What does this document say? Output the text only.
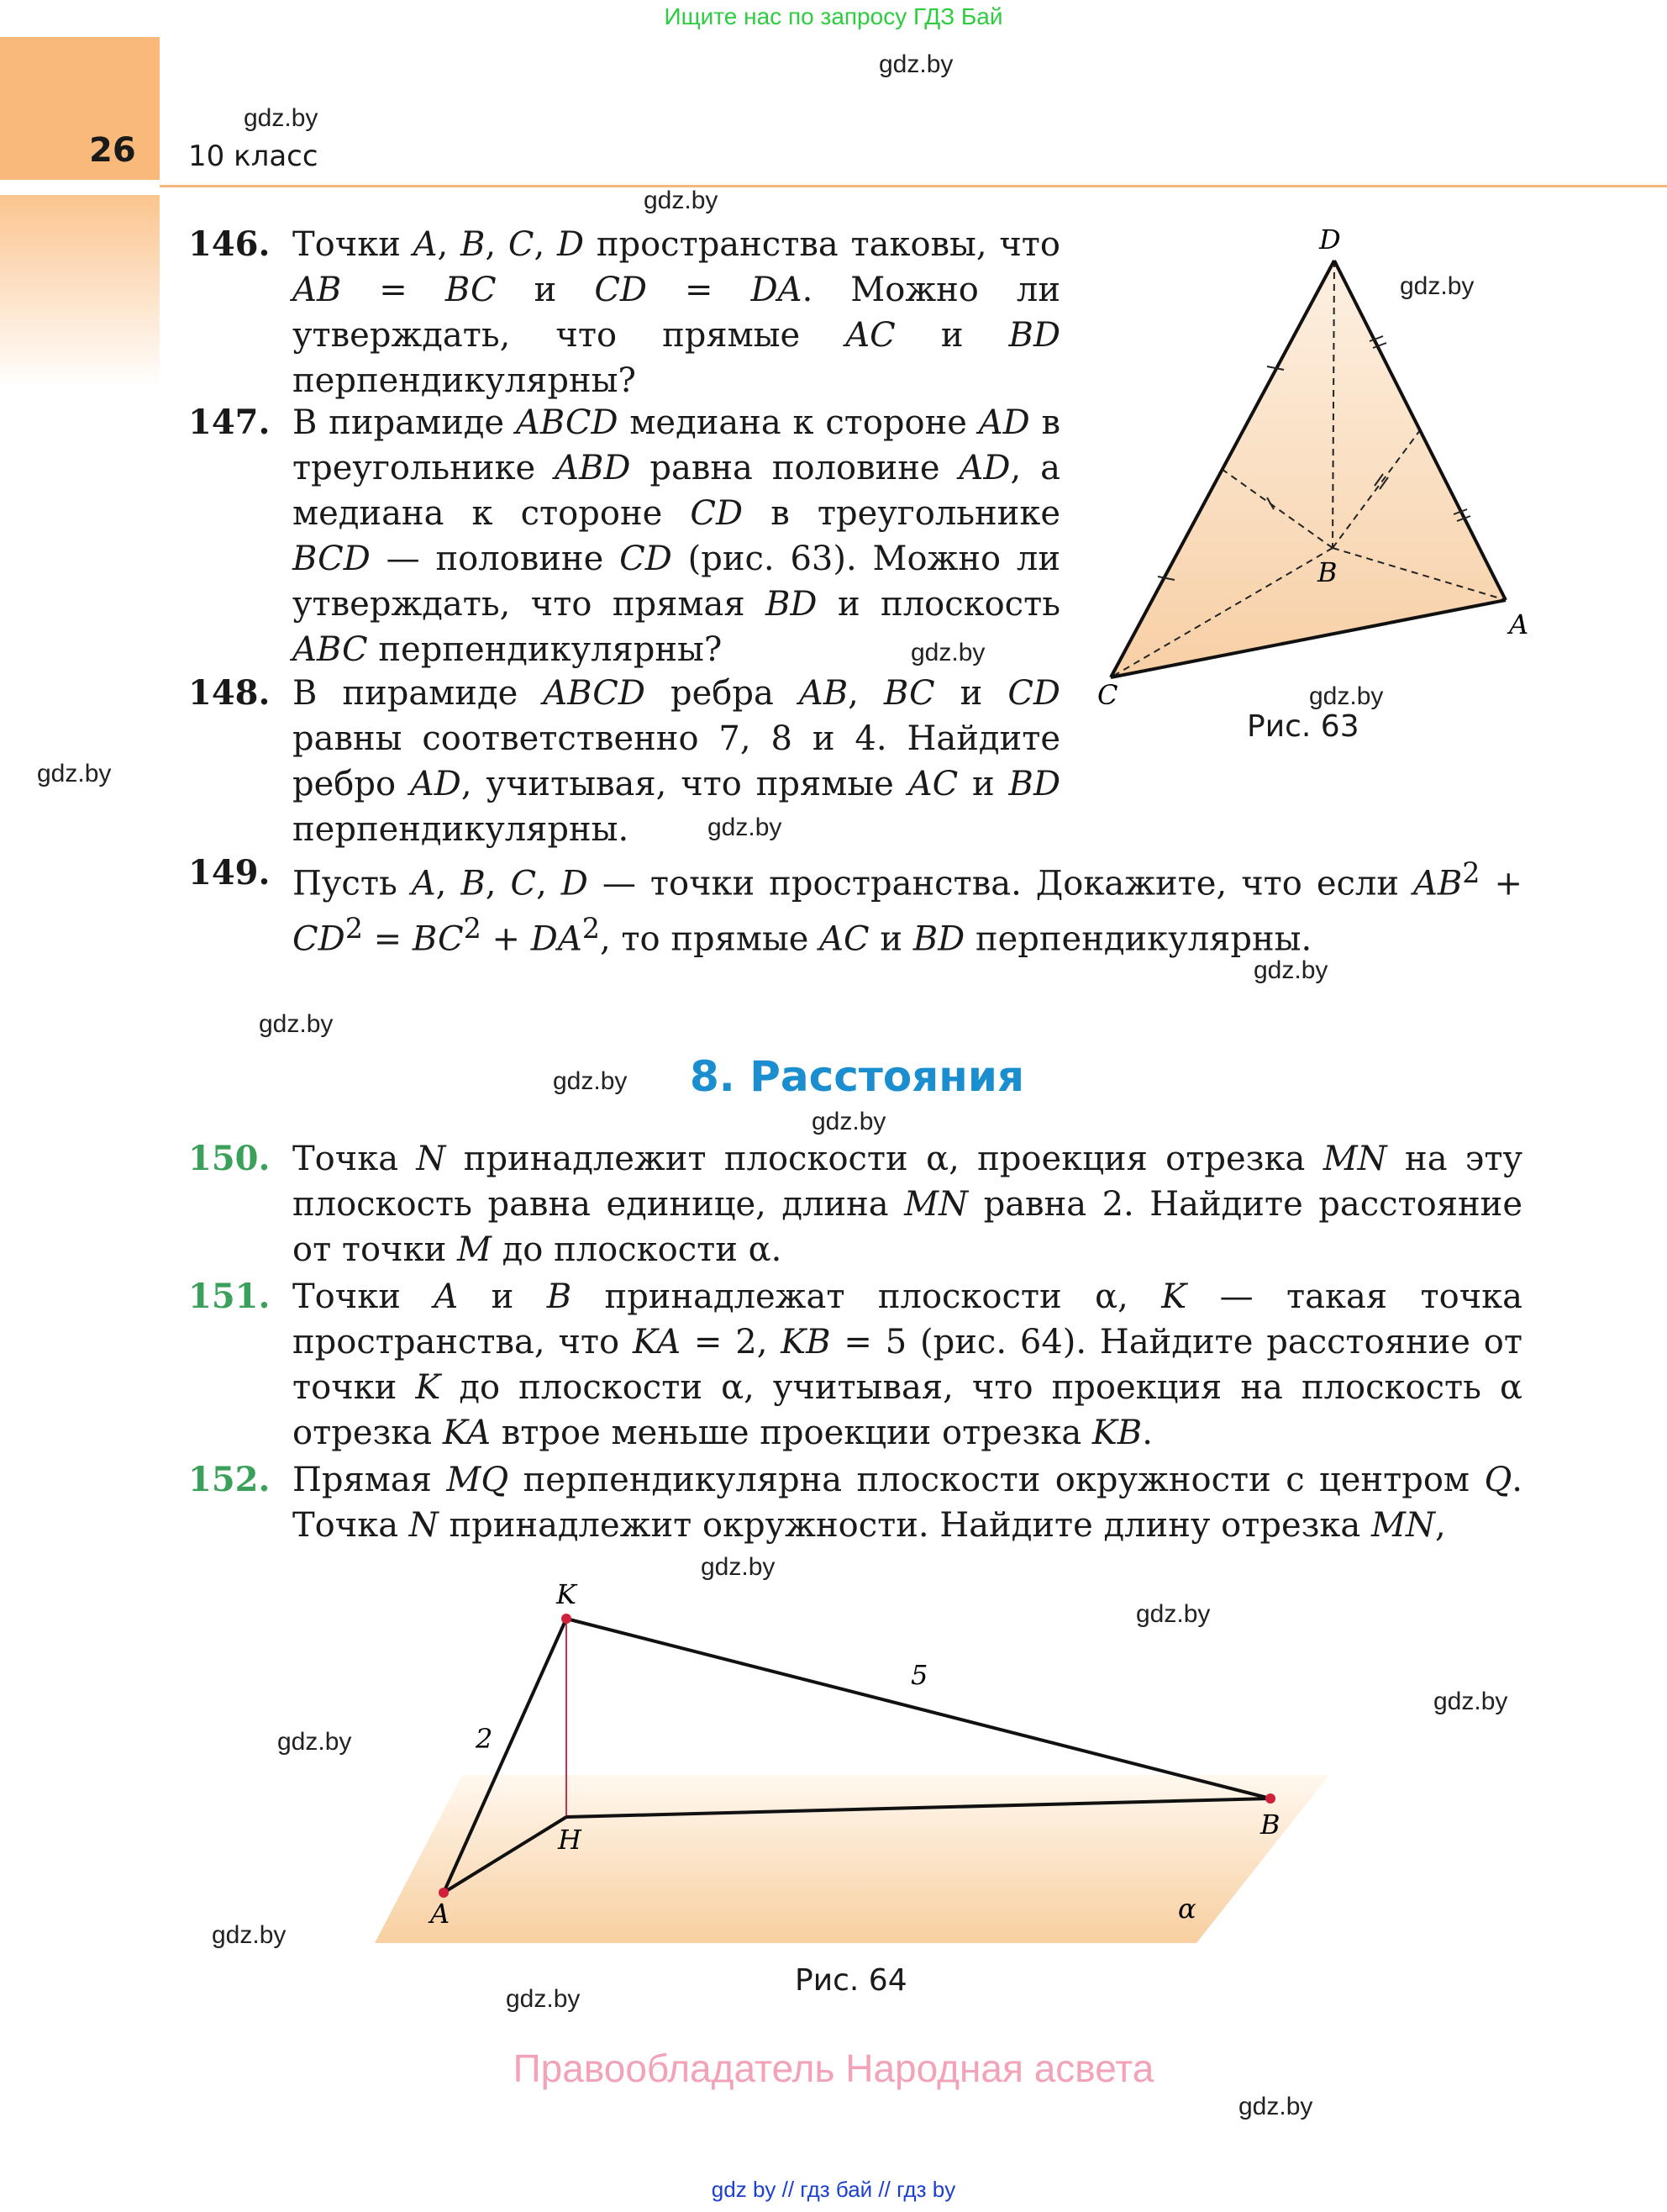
Ищите нас по запросу ГДЗ Бай
26 10 класс
gdz.by
gdz.by
gdz.by
gdz.by
gdz.by
gdz.by
gdz.by
gdz.by
gdz.by
gdz.by
gdz.by
gdz.by
gdz.by
gdz.by
gdz.by
gdz.by
gdz.by
gdz.by
gdz.by
146. Точки A, B, C, D пространства таковы, что AB = BC и CD = DA. Можно ли утверждать, что прямые AC и BD перпендикулярны?
147. В пирамиде ABCD медиана к стороне AD в треугольнике ABD равна половине AD, а медиана к стороне CD в треугольнике BCD — половине CD (рис. 63). Можно ли утверждать, что прямая BD и плоскость ABC перпендикулярны?
148. В пирамиде ABCD ребра AB, BC и CD равны соответственно 7, 8 и 4. Найдите ребро AD, учитывая, что прямые AC и BD перпендикулярны.
149. Пусть A, B, C, D — точки пространства. Докажите, что если $AB^2 + CD^2 = BC^2 + DA^2$, то прямые AC и BD перпендикулярны.
D
A
B
C
Рис. 63
8. Расстояния
150. Точка N принадлежит плоскости α, проекция отрезка MN на эту плоскость равна единице, длина MN равна 2. Найдите расстояние от точки M до плоскости α.
151. Точки A и B принадлежат плоскости α, K — такая точка пространства, что KA = 2, KB = 5 (рис. 64). Найдите расстояние от точки K до плоскости α, учитывая, что проекция на плоскость α отрезка KA втрое меньше проекции отрезка KB.
152. Прямая MQ перпендикулярна плоскости окружности с центром Q. Точка N принадлежит окружности. Найдите длину отрезка MN,
K
H
A
B
α
2
5
Рис. 64
Правообладатель Народная асвета
gdz by // гдз бай // гдз by
